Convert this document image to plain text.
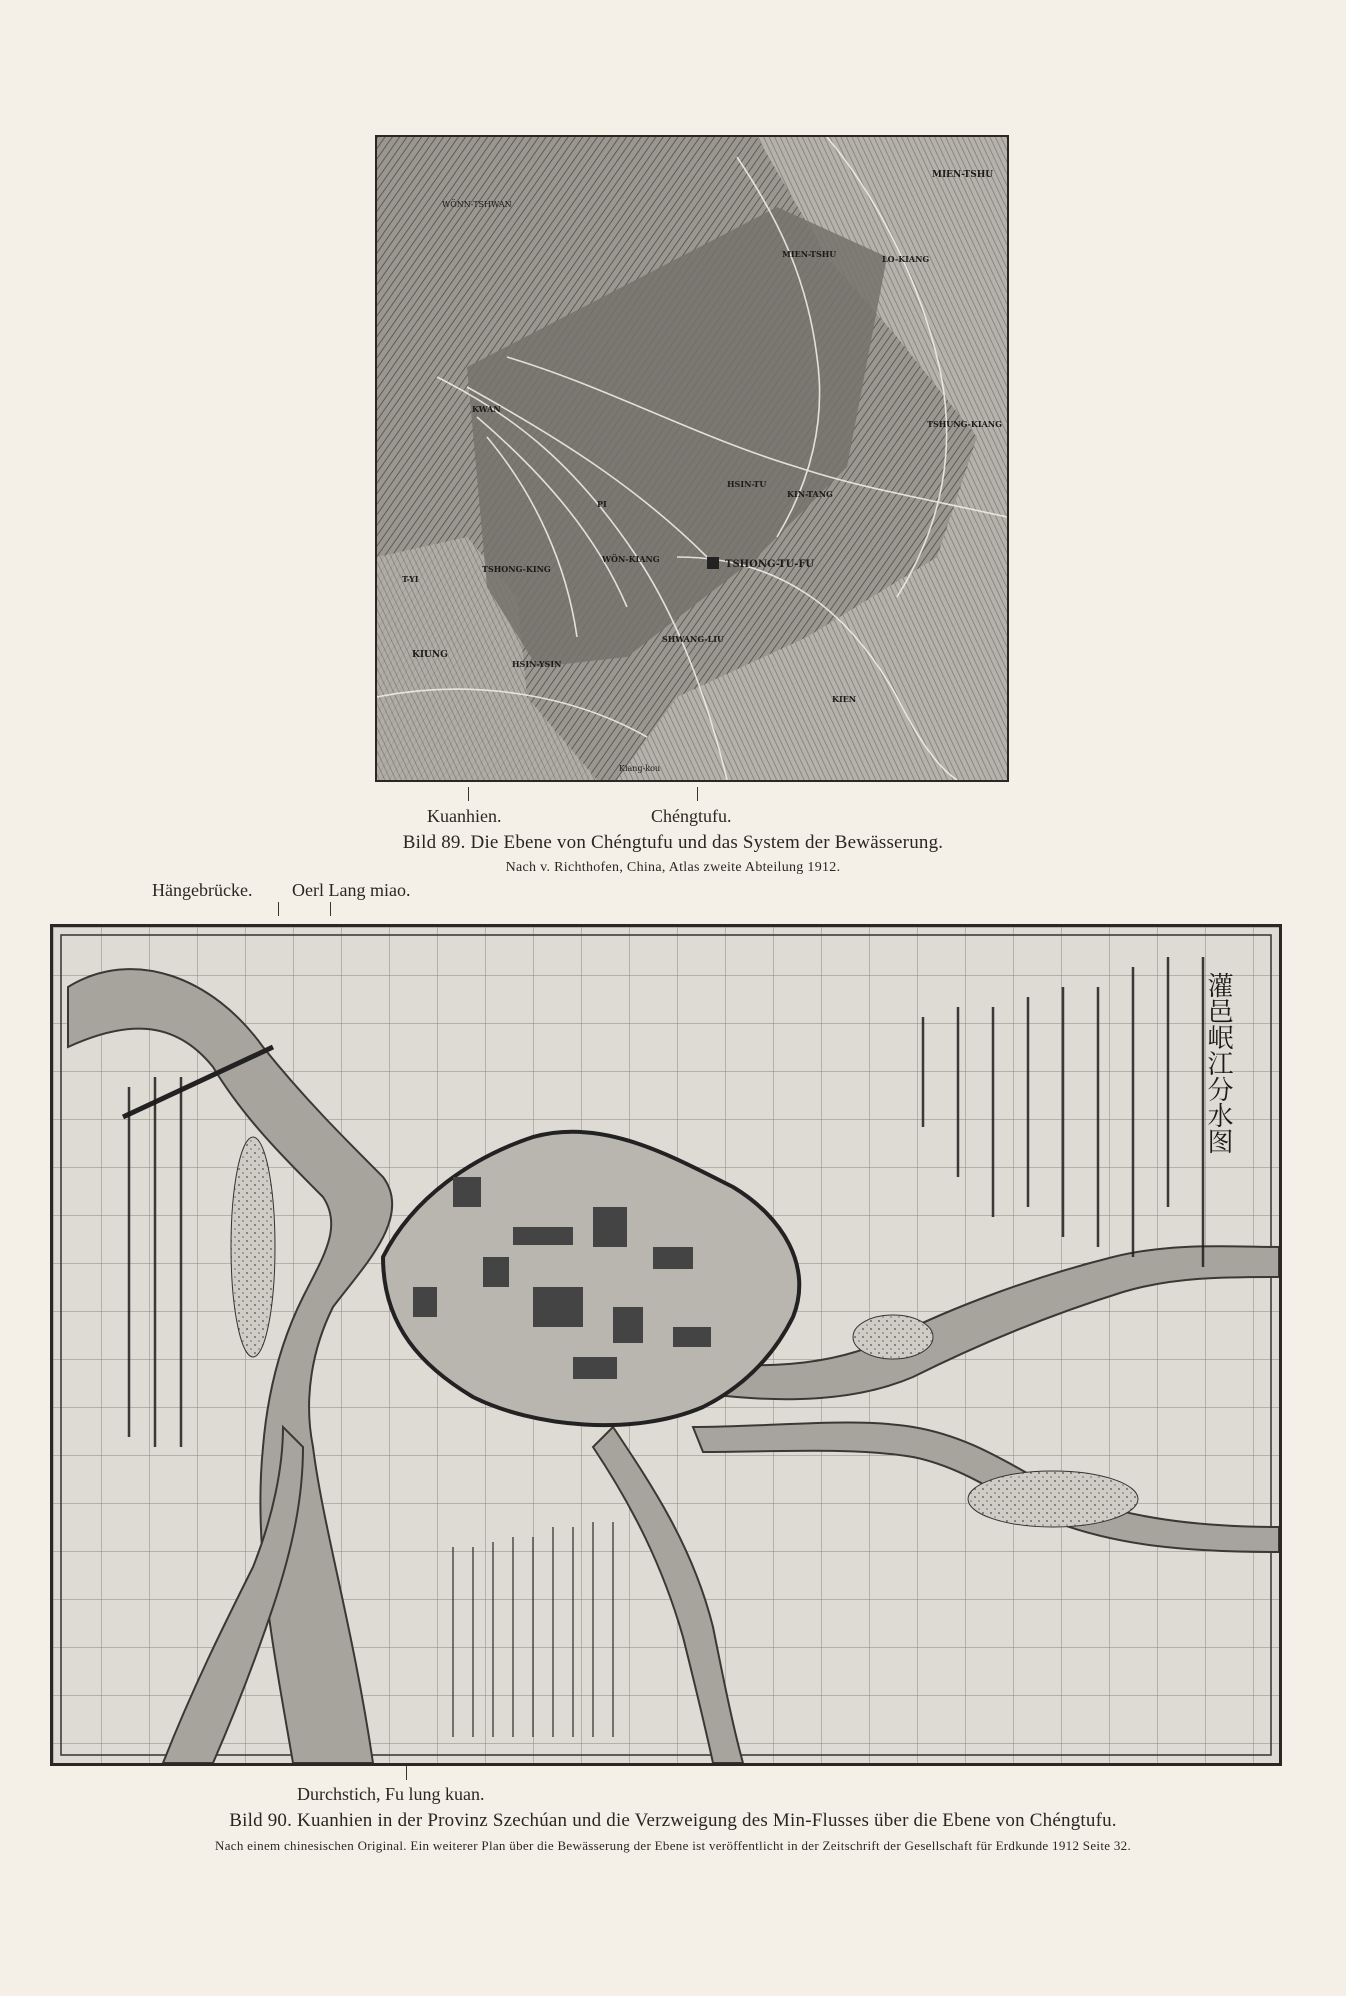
TSHONG-TU-FU
MIEN-TSHU
LO-KIANG
WÖNN-TSHWAN
MIEN-TSHU
KWAN
TSHUNG-KIANG
KIN-TANG
HSIN-TU
PI
WÖN-KIANG
HSIN-YSIN
KIUNG
TSHONG-KING
SHWANG-LIU
KIEN
T-YI
Kiang-kou
Kuanhien.	Chéngtufu.
Bild 89. Die Ebene von Chéngtufu und das System der Bewässerung.
Nach v. Richthofen, China, Atlas zweite Abteilung 1912.
Hängebrücke. Oerl Lang miao.
灌邑岷江分水图
Durchstich, Fu lung kuan.
Bild 90. Kuanhien in der Provinz Szechúan und die Verzweigung des Min-Flusses über die Ebene von Chéngtufu.
Nach einem chinesischen Original. Ein weiterer Plan über die Bewässerung der Ebene ist veröffentlicht in der Zeitschrift der Gesellschaft für Erdkunde 1912 Seite 32.
